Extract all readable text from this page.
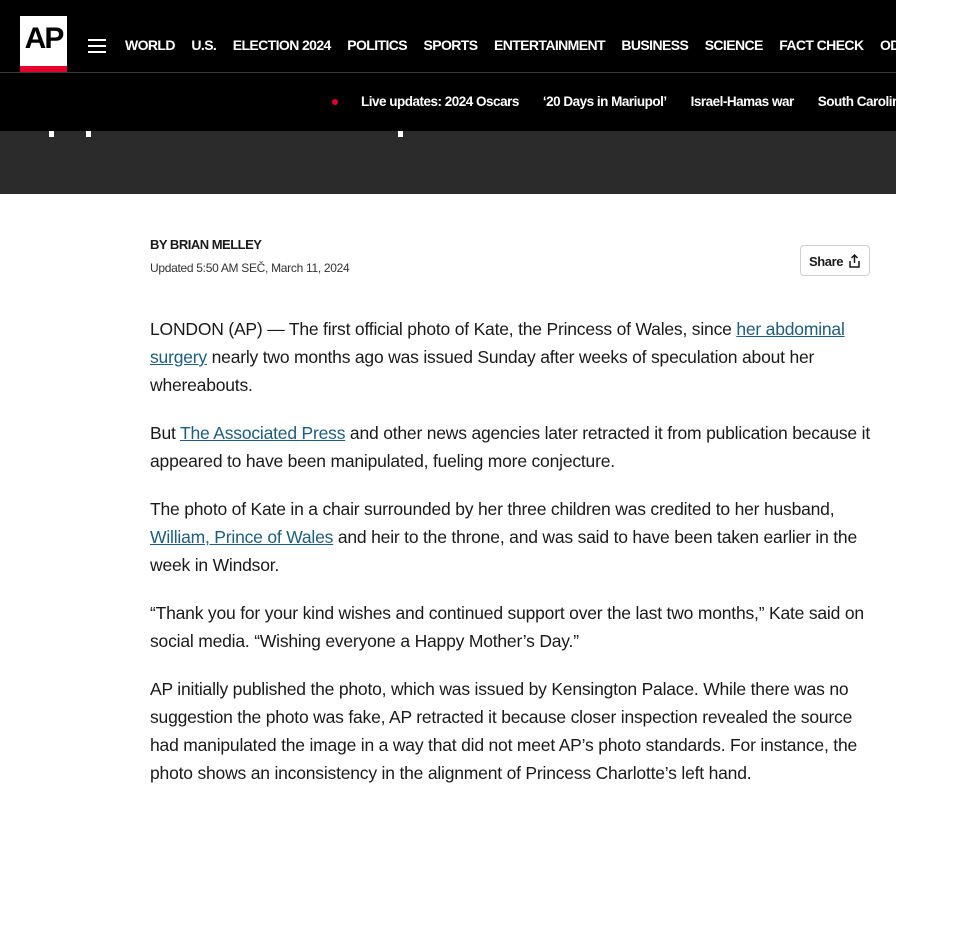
AP	WORLD U.S. ELECTION 2024 POLITICS SPORTS ENTERTAINMENT BUSINESS SCIENCE FACT CHECK ODDITIES
Live updates: 2024 Oscars ‘20 Days in Mariupol’ Israel-Hamas war South Carolina
BY BRIAN MELLEY
Updated 5:50 AM SEČ, March 11, 2024	Share

LONDON (AP) — The first official photo of Kate, the Princess of Wales, since her abdominal surgery nearly two months ago was issued Sunday after weeks of speculation about her whereabouts.

But The Associated Press and other news agencies later retracted it from publication because it appeared to have been manipulated, fueling more conjecture.

The photo of Kate in a chair surrounded by her three children was credited to her husband, William, Prince of Wales and heir to the throne, and was said to have been taken earlier in the week in Windsor.

“Thank you for your kind wishes and continued support over the last two months,” Kate said on social media. “Wishing everyone a Happy Mother’s Day.”

AP initially published the photo, which was issued by Kensington Palace. While there was no suggestion the photo was fake, AP retracted it because closer inspection revealed the source had manipulated the image in a way that did not meet AP’s photo standards. For instance, the photo shows an inconsistency in the alignment of Princess Charlotte’s left hand.
